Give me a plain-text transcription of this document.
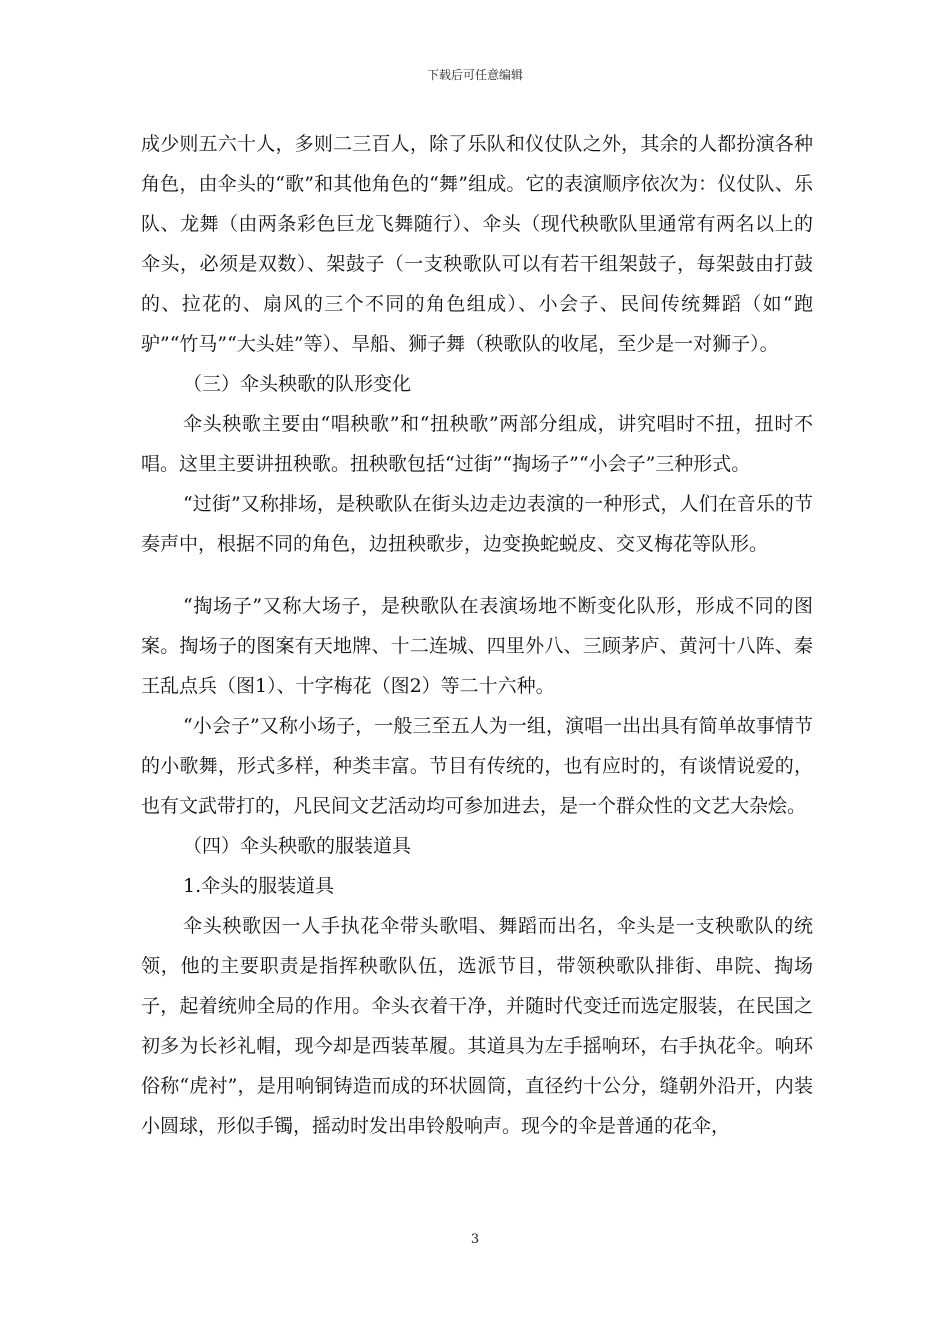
下载后可任意编辑

成少则五六十人，多则二三百人，除了乐队和仪仗队之外，其余的人都扮演各种角色，由伞头的“歌”和其他角色的“舞”组成。它的表演顺序依次为：仪仗队、乐队、龙舞（由两条彩色巨龙飞舞随行）、伞头（现代秧歌队里通常有两名以上的伞头，必须是双数）、架鼓子（一支秧歌队可以有若干组架鼓子，每架鼓由打鼓的、拉花的、扇风的三个不同的角色组成）、小会子、民间传统舞蹈（如“跑驴”“竹马”“大头娃”等）、旱船、狮子舞（秧歌队的收尾，至少是一对狮子）。

（三）伞头秧歌的队形变化

伞头秧歌主要由“唱秧歌”和“扭秧歌”两部分组成，讲究唱时不扭，扭时不唱。这里主要讲扭秧歌。扭秧歌包括“过街”“掏场子”“小会子”三种形式。

“过街”又称排场，是秧歌队在街头边走边表演的一种形式，人们在音乐的节奏声中，根据不同的角色，边扭秧歌步，边变换蛇蜕皮、交叉梅花等队形。

“掏场子”又称大场子，是秧歌队在表演场地不断变化队形，形成不同的图案。掏场子的图案有天地牌、十二连城、四里外八、三顾茅庐、黄河十八阵、秦王乱点兵（图1）、十字梅花（图2）等二十六种。

“小会子”又称小场子，一般三至五人为一组，演唱一出出具有简单故事情节的小歌舞，形式多样，种类丰富。节目有传统的，也有应时的，有谈情说爱的，也有文武带打的，凡民间文艺活动均可参加进去，是一个群众性的文艺大杂烩。

（四）伞头秧歌的服装道具

1.伞头的服装道具

伞头秧歌因一人手执花伞带头歌唱、舞蹈而出名，伞头是一支秧歌队的统领，他的主要职责是指挥秧歌队伍，选派节目，带领秧歌队排街、串院、掏场子，起着统帅全局的作用。伞头衣着干净，并随时代变迁而选定服装，在民国之初多为长衫礼帽，现今却是西装革履。其道具为左手摇响环，右手执花伞。响环俗称“虎衬”，是用响铜铸造而成的环状圆筒，直径约十公分，缝朝外沿开，内装小圆球，形似手镯，摇动时发出串铃般响声。现今的伞是普通的花伞，

3
